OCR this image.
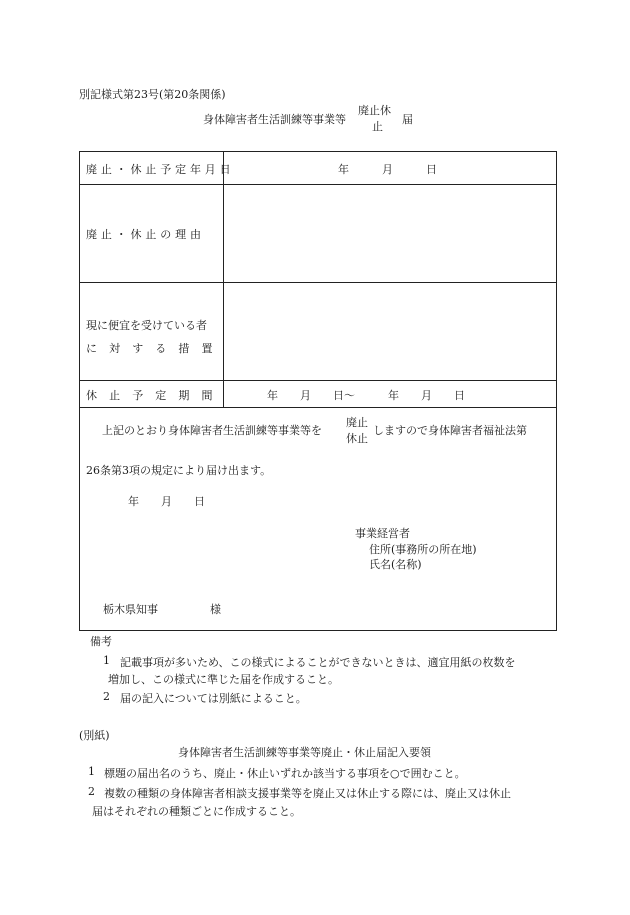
別記様式第23号(第20条関係)
身体障害者生活訓練等事業等
廃止休
止
届
廃止・休止予定年月日	年　　　月　　　日
廃止・休止の理由
現に便宜を受けている者
に対する措置
休止予定期間	年　　月　　日～　　　年　　月　　日
上記のとおり身体障害者生活訓練等事業等を
廃止
休止
しますので身体障害者福祉法第
26条第3項の規定により届け出ます。
年　　月　　日
事業経営者
住所(事務所の所在地)
氏名(名称)
栃木県知事	様
備考
1 記載事項が多いため、この様式によることができないときは、適宜用紙の枚数を
増加し、この様式に準じた届を作成すること。
2 届の記入については別紙によること。
(別紙)
身体障害者生活訓練等事業等廃止・休止届記入要領
1 標題の届出名のうち、廃止・休止いずれか該当する事項を○で囲むこと。
2 複数の種類の身体障害者相談支援事業等を廃止又は休止する際には、廃止又は休止
届はそれぞれの種類ごとに作成すること。
